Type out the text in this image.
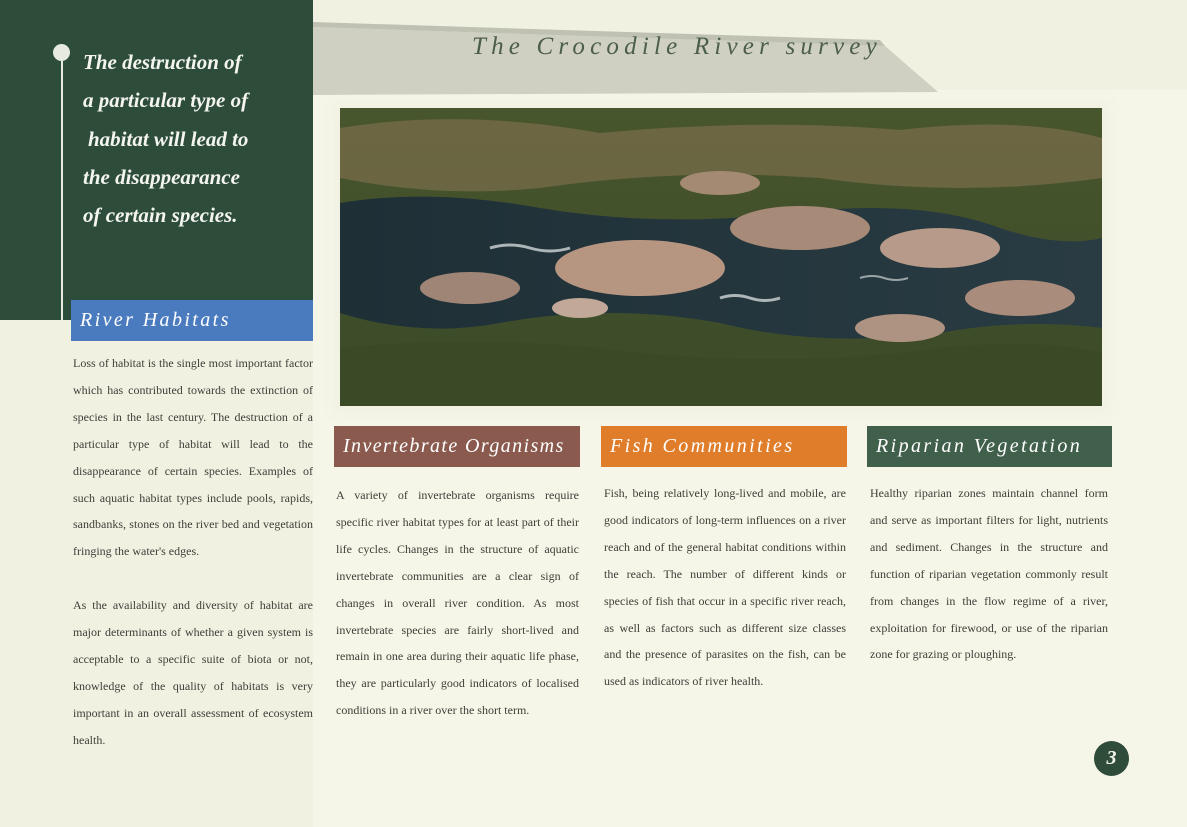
The Crocodile River survey
The destruction of
a particular type of
habitat will lead to
the disappearance
of certain species.
River Habitats

Loss of habitat is the single most important factor which has contributed towards the extinction of species in the last century. The destruction of a particular type of habitat will lead to the disappearance of certain species. Examples of such aquatic habitat types include pools, rapids, sandbanks, stones on the river bed and vegetation fringing the water's edges.

As the availability and diversity of habitat are major determinants of whether a given system is acceptable to a specific suite of biota or not, knowledge of the quality of habitats is very important in an overall assessment of ecosystem health.

Invertebrate Organisms

A variety of invertebrate organisms require specific river habitat types for at least part of their life cycles. Changes in the structure of aquatic invertebrate communities are a clear sign of changes in overall river condition. As most invertebrate species are fairly short-lived and remain in one area during their aquatic life phase, they are particularly good indicators of localised conditions in a river over the short term.

Fish Communities

Fish, being relatively long-lived and mobile, are good indicators of long-term influences on a river reach and of the general habitat conditions within the reach. The number of different kinds or species of fish that occur in a specific river reach, as well as factors such as different size classes and the presence of parasites on the fish, can be used as indicators of river health.

Riparian Vegetation

Healthy riparian zones maintain channel form and serve as important filters for light, nutrients and sediment. Changes in the structure and function of riparian vegetation commonly result from changes in the flow regime of a river, exploitation for firewood, or use of the riparian zone for grazing or ploughing.

3
